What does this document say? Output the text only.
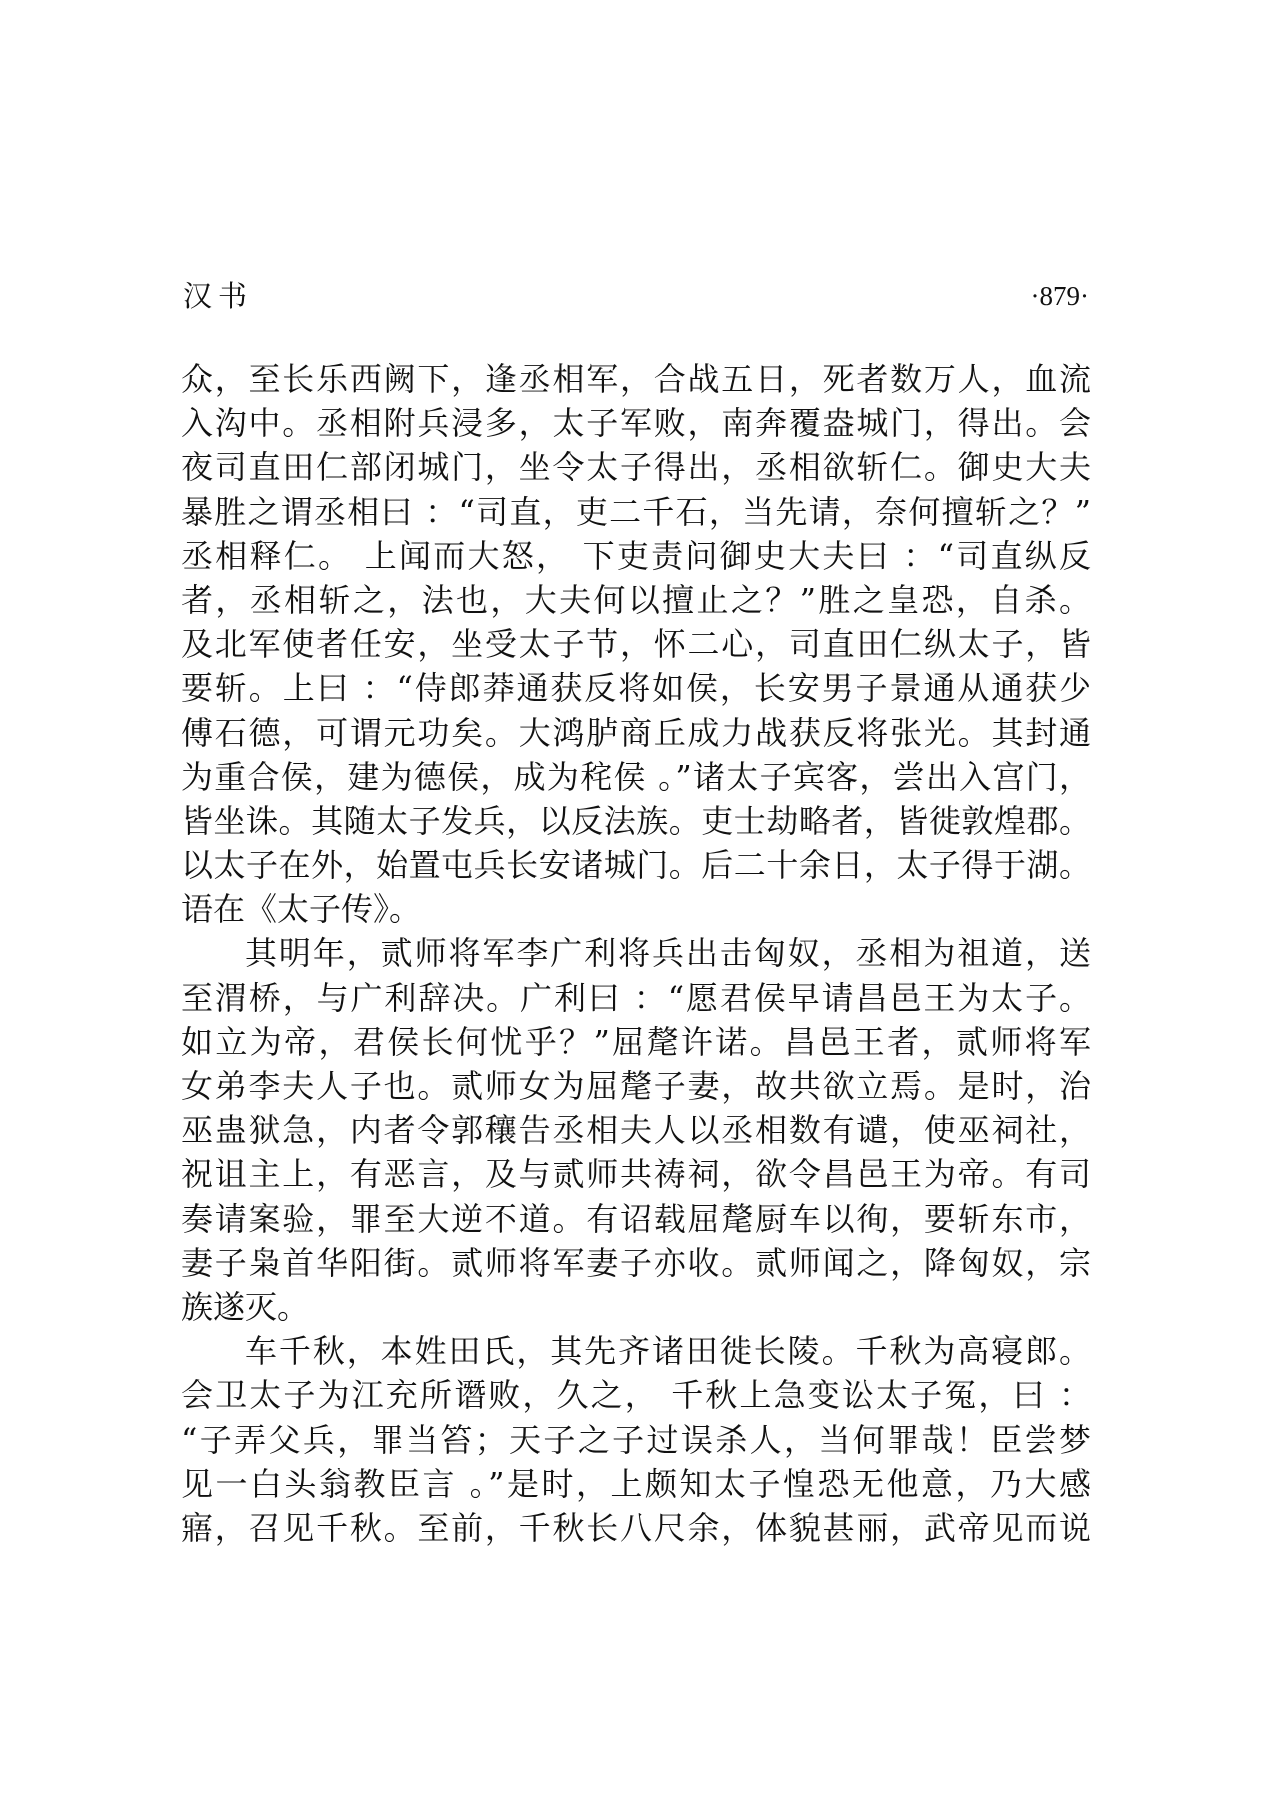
汉书	·879·
众，至长乐西阙下，逢丞相军，合战五日，死者数万人，血流
入沟中。丞相附兵浸多，太子军败，南奔覆盎城门，得出。会
夜司直田仁部闭城门，坐令太子得出，丞相欲斩仁。御史大夫
暴胜之谓丞相曰 ：“司直，吏二千石，当先请，奈何擅斩之？”
丞相释仁。 上闻而大怒， 下吏责问御史大夫曰 ：“司直纵反
者，丞相斩之，法也，大夫何以擅止之？”胜之皇恐，自杀。
及北军使者任安，坐受太子节，怀二心，司直田仁纵太子，皆
要斩。上曰 ：“侍郎莽通获反将如侯，长安男子景通从通获少
傅石德，可谓元功矣。大鸿胪商丘成力战获反将张光。其封通
为重合侯，建为德侯，成为秺侯 。”诸太子宾客，尝出入宫门，
皆坐诛。其随太子发兵，以反法族。吏士劫略者，皆徙敦煌郡。
以太子在外，始置屯兵长安诸城门。后二十余日，太子得于湖。
语在《太子传》。
其明年，贰师将军李广利将兵出击匈奴，丞相为祖道，送
至渭桥，与广利辞决。广利曰 ：“愿君侯早请昌邑王为太子。
如立为帝，君侯长何忧乎？”屈氂许诺。昌邑王者，贰师将军
女弟李夫人子也。贰师女为屈氂子妻，故共欲立焉。是时，治
巫蛊狱急，内者令郭穰告丞相夫人以丞相数有谴，使巫祠社，
祝诅主上，有恶言，及与贰师共祷祠，欲令昌邑王为帝。有司
奏请案验，罪至大逆不道。有诏载屈氂厨车以徇，要斩东市，
妻子枭首华阳街。贰师将军妻子亦收。贰师闻之，降匈奴，宗
族遂灭。
车千秋，本姓田氏，其先齐诸田徙长陵。千秋为高寝郎。
会卫太子为江充所谮败，久之， 千秋上急变讼太子冤，曰 ：
“子弄父兵，罪当笞；天子之子过误杀人，当何罪哉！臣尝梦
见一白头翁教臣言 。”是时，上颇知太子惶恐无他意，乃大感
寤，召见千秋。至前，千秋长八尺余，体貌甚丽，武帝见而说
